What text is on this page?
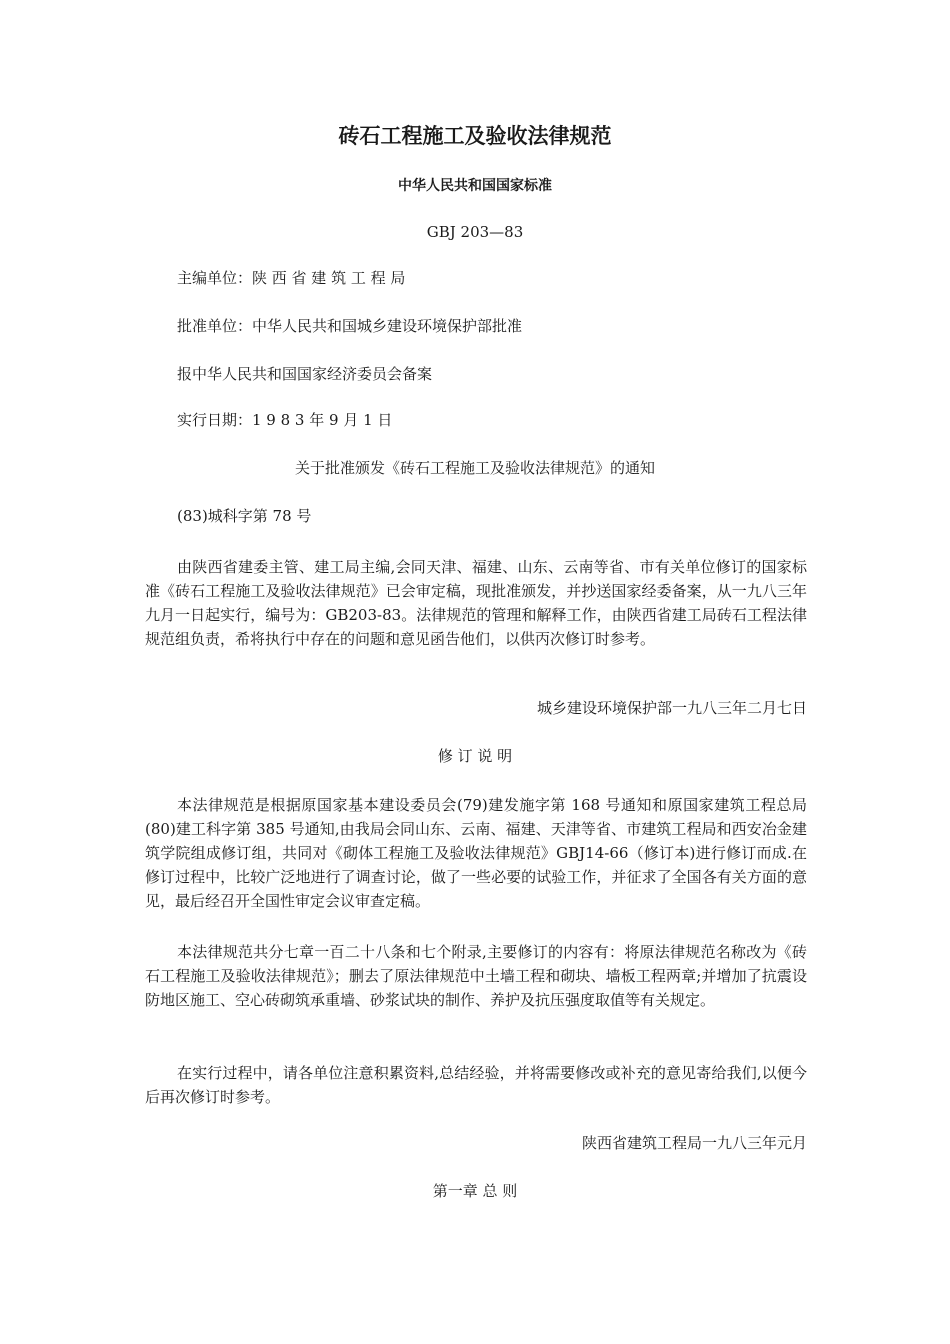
砖石工程施工及验收法律规范

中华人民共和国国家标准

GBJ 203—83

主编单位：陕 西 省 建 筑 工 程 局

批准单位：中华人民共和国城乡建设环境保护部批准

报中华人民共和国国家经济委员会备案

实行日期：1 9 8 3 年 9 月 1 日

关于批准颁发《砖石工程施工及验收法律规范》的通知

(83)城科字第 78 号

由陕西省建委主管、建工局主编,会同天津、福建、山东、云南等省、市有关单位修订的国家标准《砖石工程施工及验收法律规范》已会审定稿，现批准颁发，并抄送国家经委备案，从一九八三年九月一日起实行，编号为：GB203-83。法律规范的管理和解释工作，由陕西省建工局砖石工程法律规范组负责，希将执行中存在的问题和意见函告他们，以供丙次修订时参考。

城乡建设环境保护部一九八三年二月七日

修 订 说 明

本法律规范是根据原国家基本建设委员会(79)建发施字第 168 号通知和原国家建筑工程总局(80)建工科字第 385 号通知,由我局会同山东、云南、福建、天津等省、市建筑工程局和西安冶金建筑学院组成修订组，共同对《砌体工程施工及验收法律规范》GBJ14-66（修订本)进行修订而成.在修订过程中，比较广泛地进行了调查讨论，做了一些必要的试验工作，并征求了全国各有关方面的意见，最后经召开全国性审定会议审查定稿。

本法律规范共分七章一百二十八条和七个附录,主要修订的内容有：将原法律规范名称改为《砖石工程施工及验收法律规范》；删去了原法律规范中土墙工程和砌块、墙板工程两章;并增加了抗震设防地区施工、空心砖砌筑承重墙、砂浆试块的制作、养护及抗压强度取值等有关规定。

在实行过程中，请各单位注意积累资料,总结经验，并将需要修改或补充的意见寄给我们,以便今后再次修订时参考。

陕西省建筑工程局一九八三年元月

第一章 总 则
